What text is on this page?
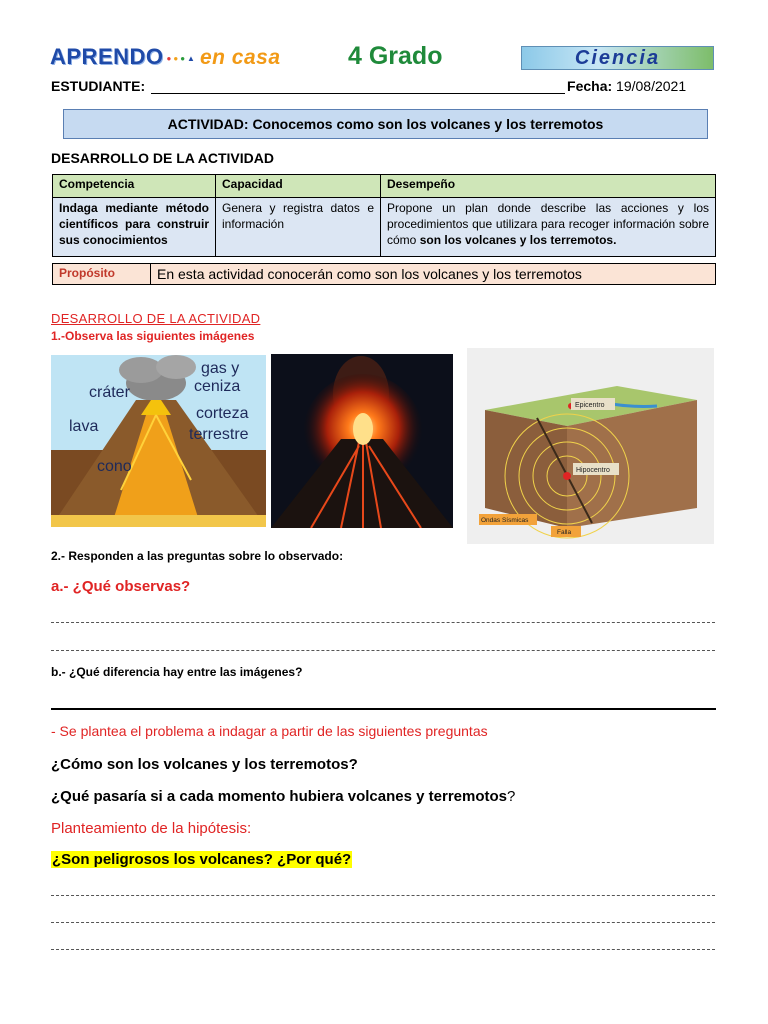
APRENDO ●●●▲ en casa	4 Grado	Ciencia
ESTUDIANTE:	Fecha: 19/08/2021
ACTIVIDAD: Conocemos como son los volcanes y los terremotos
DESARROLLO DE LA ACTIVIDAD
Competencia	Capacidad	Desempeño
Indaga mediante método científicos para construir sus conocimientos	Genera y registra datos e información	Propone un plan donde describe las acciones y los procedimientos que utilizara para recoger información sobre cómo son los volcanes y los terremotos.
Propósito	En esta actividad conocerán como son los volcanes y los terremotos
DESARROLLO DE LA ACTIVIDAD
1.-Observa las siguientes imágenes
gas y
ceniza
cráter
corteza
terrestre
lava
cono
Epicentro
Hipocentro
Ondas Sísmicas
Falla
2.- Responden a las preguntas sobre lo observado:
a.- ¿Qué observas?
b.- ¿Qué diferencia hay entre las imágenes?
- Se plantea el problema a indagar a partir de las siguientes preguntas
¿Cómo son los volcanes y los terremotos?
¿Qué pasaría si a cada momento hubiera volcanes y terremotos?
Planteamiento de la hipótesis:
¿Son peligrosos los volcanes? ¿Por qué?
